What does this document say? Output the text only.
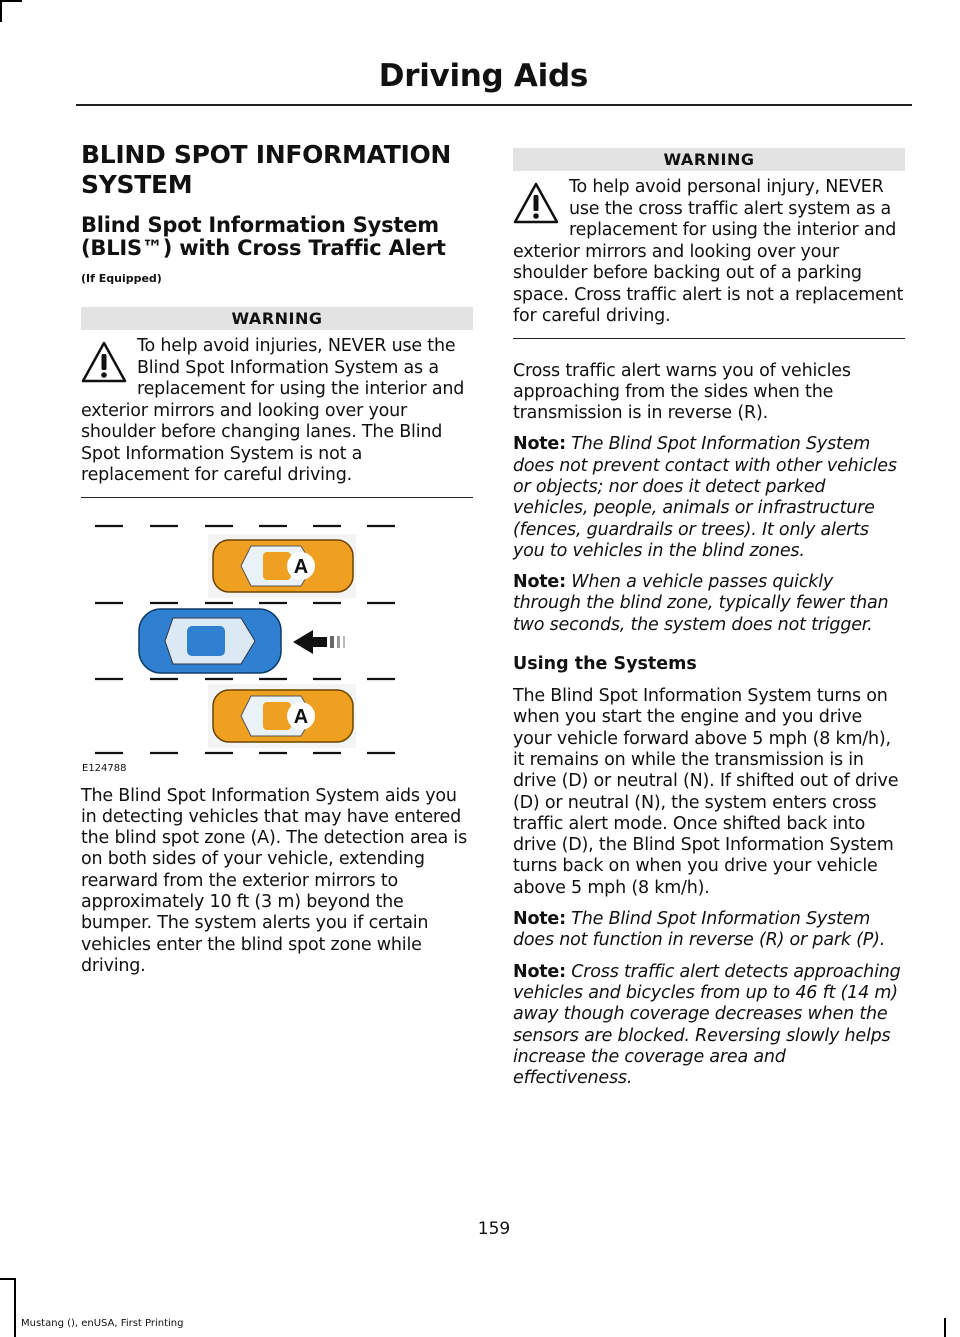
Driving Aids
BLIND SPOT INFORMATION
SYSTEM
Blind Spot Information System (BLIS™) with Cross Traffic Alert
(If Equipped)
WARNING
To help avoid injuries, NEVER use the Blind Spot Information System as a replacement for using the interior and exterior mirrors and looking over your shoulder before changing lanes. The Blind Spot Information System is not a replacement for careful driving.
A
A
E124788

The Blind Spot Information System aids you in detecting vehicles that may have entered the blind spot zone (A). The detection area is on both sides of your vehicle, extending rearward from the exterior mirrors to approximately 10 ft (3 m) beyond the bumper. The system alerts you if certain vehicles enter the blind spot zone while driving.

WARNING
To help avoid personal injury, NEVER use the cross traffic alert system as a replacement for using the interior and exterior mirrors and looking over your shoulder before backing out of a parking space. Cross traffic alert is not a replacement for careful driving.

Cross traffic alert warns you of vehicles approaching from the sides when the transmission is in reverse (R).

Note: The Blind Spot Information System does not prevent contact with other vehicles or objects; nor does it detect parked vehicles, people, animals or infrastructure (fences, guardrails or trees). It only alerts you to vehicles in the blind zones.

Note: When a vehicle passes quickly through the blind zone, typically fewer than two seconds, the system does not trigger.

Using the Systems

The Blind Spot Information System turns on when you start the engine and you drive your vehicle forward above 5 mph (8 km/h), it remains on while the transmission is in drive (D) or neutral (N). If shifted out of drive (D) or neutral (N), the system enters cross traffic alert mode. Once shifted back into drive (D), the Blind Spot Information System turns back on when you drive your vehicle above 5 mph (8 km/h).

Note: The Blind Spot Information System does not function in reverse (R) or park (P).

Note: Cross traffic alert detects approaching vehicles and bicycles from up to 46 ft (14 m) away though coverage decreases when the sensors are blocked. Reversing slowly helps increase the coverage area and effectiveness.

159
Mustang (), enUSA, First Printing
